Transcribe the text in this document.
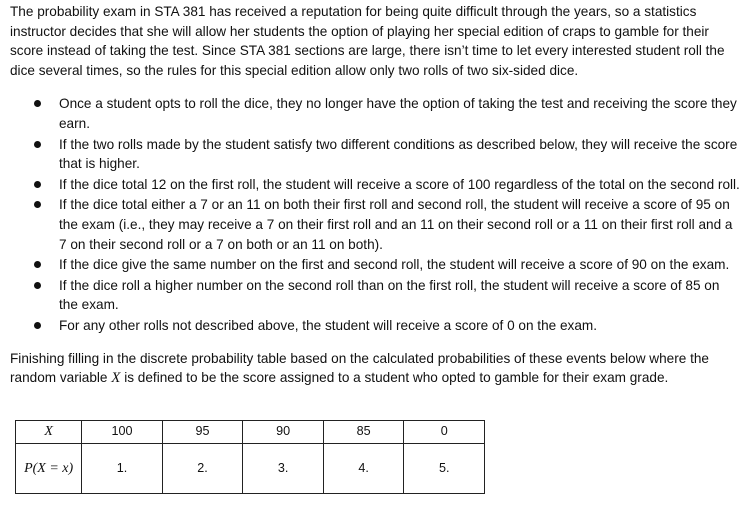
The probability exam in STA 381 has received a reputation for being quite difficult through the years, so a statistics instructor decides that she will allow her students the option of playing her special edition of craps to gamble for their score instead of taking the test. Since STA 381 sections are large, there isn’t time to let every interested student roll the dice several times, so the rules for this special edition allow only two rolls of two six-sided dice.

Once a student opts to roll the dice, they no longer have the option of taking the test and receiving the score they earn.
If the two rolls made by the student satisfy two different conditions as described below, they will receive the score that is higher.
If the dice total 12 on the first roll, the student will receive a score of 100 regardless of the total on the second roll.
If the dice total either a 7 or an 11 on both their first roll and second roll, the student will receive a score of 95 on the exam (i.e., they may receive a 7 on their first roll and an 11 on their second roll or a 11 on their first roll and a 7 on their second roll or a 7 on both or an 11 on both).
If the dice give the same number on the first and second roll, the student will receive a score of 90 on the exam.
If the dice roll a higher number on the second roll than on the first roll, the student will receive a score of 85 on the exam.
For any other rolls not described above, the student will receive a score of 0 on the exam.

Finishing filling in the discrete probability table based on the calculated probabilities of these events below where the random variable X is defined to be the score assigned to a student who opted to gamble for their exam grade.

X	100	95	90	85	0
P(X = x)	1.	2.	3.	4.	5.
